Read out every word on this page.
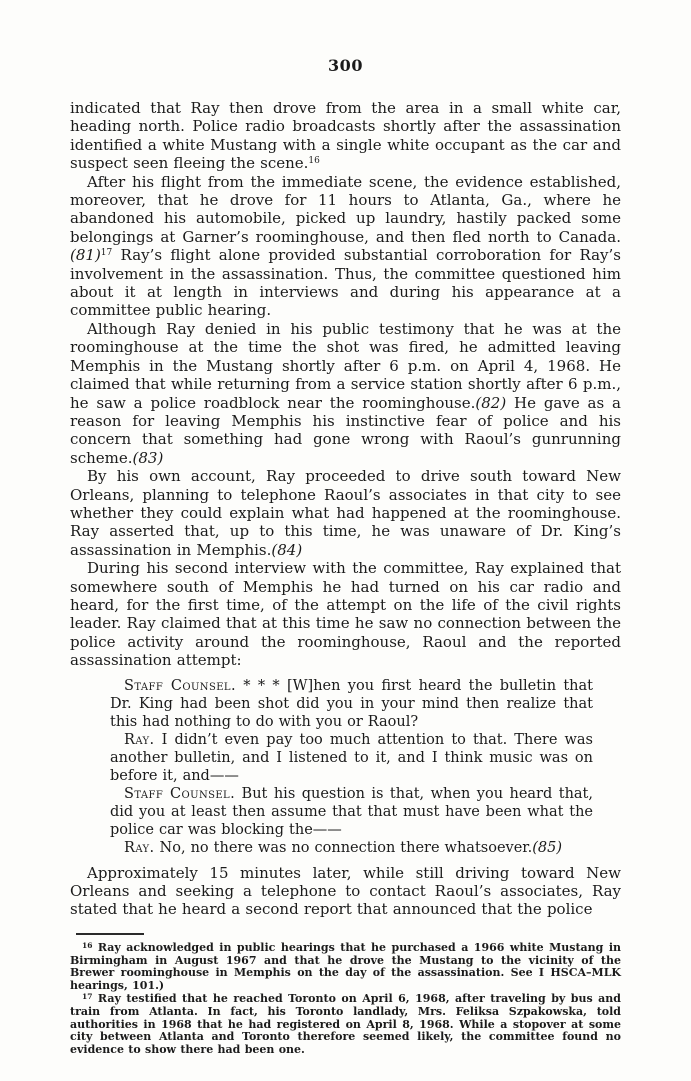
300

indicated that Ray then drove from the area in a small white car, heading north. Police radio broadcasts shortly after the assassination identified a white Mustang with a single white occupant as the car and suspect seen fleeing the scene.$^{16}$

After his flight from the immediate scene, the evidence established, moreover, that he drove for 11 hours to Atlanta, Ga., where he abandoned his automobile, picked up laundry, hastily packed some belongings at Garner’s roominghouse, and then fled north to Canada.(81)$^{17}$ Ray’s flight alone provided substantial corroboration for Ray’s involvement in the assassination. Thus, the committee questioned him about it at length in interviews and during his appearance at a committee public hearing.

Although Ray denied in his public testimony that he was at the roominghouse at the time the shot was fired, he admitted leaving Memphis in the Mustang shortly after 6 p.m. on April 4, 1968. He claimed that while returning from a service station shortly after 6 p.m., he saw a police roadblock near the roominghouse.(82) He gave as a reason for leaving Memphis his instinctive fear of police and his concern that something had gone wrong with Raoul’s gunrunning scheme.(83)

By his own account, Ray proceeded to drive south toward New Orleans, planning to telephone Raoul’s associates in that city to see whether they could explain what had happened at the roominghouse. Ray asserted that, up to this time, he was unaware of Dr. King’s assassination in Memphis.(84)

During his second interview with the committee, Ray explained that somewhere south of Memphis he had turned on his car radio and heard, for the first time, of the attempt on the life of the civil rights leader. Ray claimed that at this time he saw no connection between the police activity around the roominghouse, Raoul and the reported assassination attempt:

Staff Counsel. * * * [W]hen you first heard the bulletin that Dr. King had been shot did you in your mind then realize that this had nothing to do with you or Raoul?

Ray. I didn’t even pay too much attention to that. There was another bulletin, and I listened to it, and I think music was on before it, and——

Staff Counsel. But his question is that, when you heard that, did you at least then assume that that must have been what the police car was blocking the——

Ray. No, no there was no connection there whatsoever.(85)

Approximately 15 minutes later, while still driving toward New Orleans and seeking a telephone to contact Raoul’s associates, Ray stated that he heard a second report that announced that the police

$^{16}$ Ray acknowledged in public hearings that he purchased a 1966 white Mustang in Birmingham in August 1967 and that he drove the Mustang to the vicinity of the Brewer roominghouse in Memphis on the day of the assassination. See I HSCA–MLK hearings, 101.)

$^{17}$ Ray testified that he reached Toronto on April 6, 1968, after traveling by bus and train from Atlanta. In fact, his Toronto landlady, Mrs. Feliksa Szpakowska, told authorities in 1968 that he had registered on April 8, 1968. While a stopover at some city between Atlanta and Toronto therefore seemed likely, the committee found no evidence to show there had been one.
